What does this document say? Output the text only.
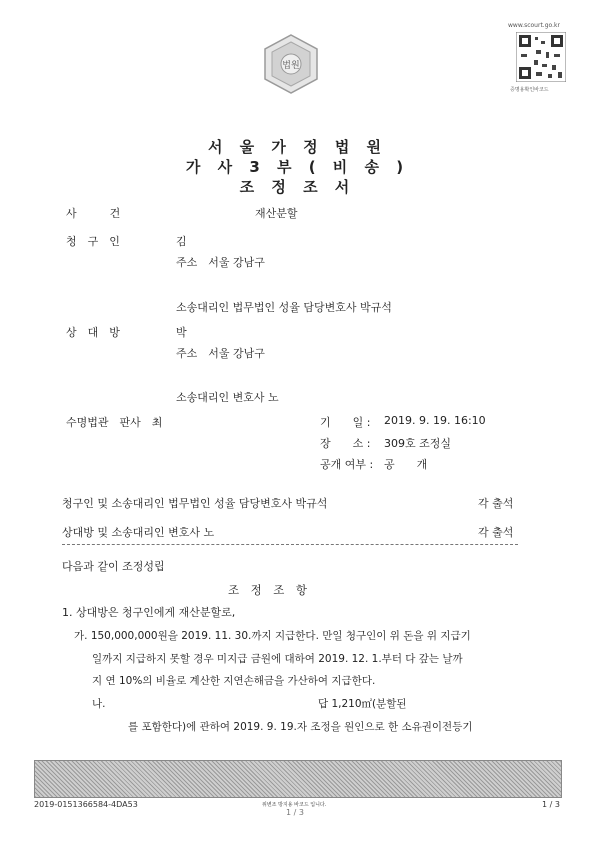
법원
www.scourt.go.kr
증명용확인바코드
서 울 가 정 법 원
가 사 3 부 ( 비 송 )
조 정 조 서
사　　　건	재산분할
청　구　인	김
주소　서울 강남구
소송대리인 법무법인 성율 담당변호사 박규석
상　대　방	박
주소　서울 강남구
소송대리인 변호사 노
수명법관　판사　최	기　　일 : 2019. 9. 19. 16:10
장　　소 : 309호 조정실
공개 여부 : 공　　개
청구인 및 소송대리인 법무법인 성율 담당변호사 박규석	각 출석
상대방 및 소송대리인 변호사 노	각 출석
다음과 같이 조정성립
조　정　조　항
1. 상대방은 청구인에게 재산분할로,
가. 150,000,000원을 2019. 11. 30.까지 지급한다. 만일 청구인이 위 돈을 위 지급기
일까지 지급하지 못할 경우 미지급 금원에 대하여 2019. 12. 1.부터 다 갚는 날까
지 연 10%의 비율로 계산한 지연손해금을 가산하여 지급한다.
나.	답 1,210㎡(분할된
를 포함한다)에 관하여 2019. 9. 19.자 조정을 원인으로 한 소유권이전등기
2019-0151366584-4DA53	위변조 방지용 바코드 입니다.
1 / 3
1 / 3
